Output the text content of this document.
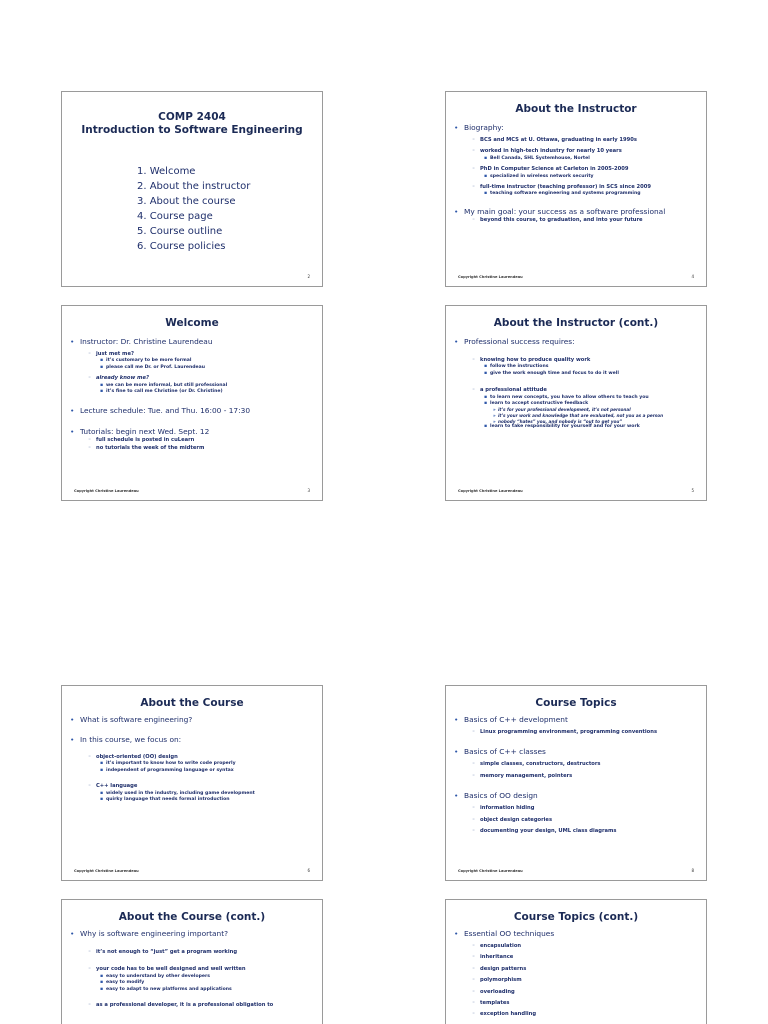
COMP 2404
Introduction to Software Engineering
1. Welcome
2. About the instructor
3. About the course
4. Course page
5. Course outline
6. Course policies
2
About the Instructor
• Biography:
◦ BCS and MCS at U. Ottawa, graduating in early 1990s
◦ worked in high-tech industry for nearly 10 years
▪ Bell Canada, SHL Systemhouse, Nortel
◦ PhD in Computer Science at Carleton in 2005-2009
▪ specialized in wireless network security
◦ full-time instructor (teaching professor) in SCS since 2009
▪ teaching software engineering and systems programming
• My main goal: your success as a software professional
◦ beyond this course, to graduation, and into your future
Copyright Christine Laurendeau	4
Welcome
• Instructor: Dr. Christine Laurendeau
◦ just met me?
▪ it’s customary to be more formal
▪ please call me Dr. or Prof. Laurendeau
◦ already know me?
▪ we can be more informal, but still professional
▪ it’s fine to call me Christine (or Dr. Christine)
• Lecture schedule: Tue. and Thu. 16:00 - 17:30
• Tutorials: begin next Wed. Sept. 12
◦ full schedule is posted in cuLearn
◦ no tutorials the week of the midterm
Copyright Christine Laurendeau	3
About the Instructor (cont.)
• Professional success requires:
◦ knowing how to produce quality work
▪ follow the instructions
▪ give the work enough time and focus to do it well
◦ a professional attitude
▪ to learn new concepts, you have to allow others to teach you
▪ learn to accept constructive feedback
» it’s for your professional development, it’s not personal
» it’s your work and knowledge that are evaluated, not you as a person
» nobody “hates” you, and nobody is “out to get you”
▪ learn to take responsibility for yourself and for your work
Copyright Christine Laurendeau	5
About the Course
• What is software engineering?
• In this course, we focus on:
◦ object-oriented (OO) design
▪ it’s important to know how to write code properly
▪ independent of programming language or syntax
◦ C++ language
▪ widely used in the industry, including game development
▪ quirky language that needs formal introduction
Copyright Christine Laurendeau	6
Course Topics
• Basics of C++ development
◦ Linux programming environment, programming conventions
• Basics of C++ classes
◦ simple classes, constructors, destructors
◦ memory management, pointers
• Basics of OO design
◦ information hiding
◦ object design categories
◦ documenting your design, UML class diagrams
Copyright Christine Laurendeau	8
About the Course (cont.)
• Why is software engineering important?
◦ it’s not enough to “just” get a program working
◦ your code has to be well designed and well written
▪ easy to understand by other developers
▪ easy to modify
▪ easy to adapt to new platforms and applications
◦ as a professional developer, it is a professional obligation to
Course Topics (cont.)
• Essential OO techniques
◦ encapsulation
◦ inheritance
◦ design patterns
◦ polymorphism
◦ overloading
◦ templates
◦ exception handling
